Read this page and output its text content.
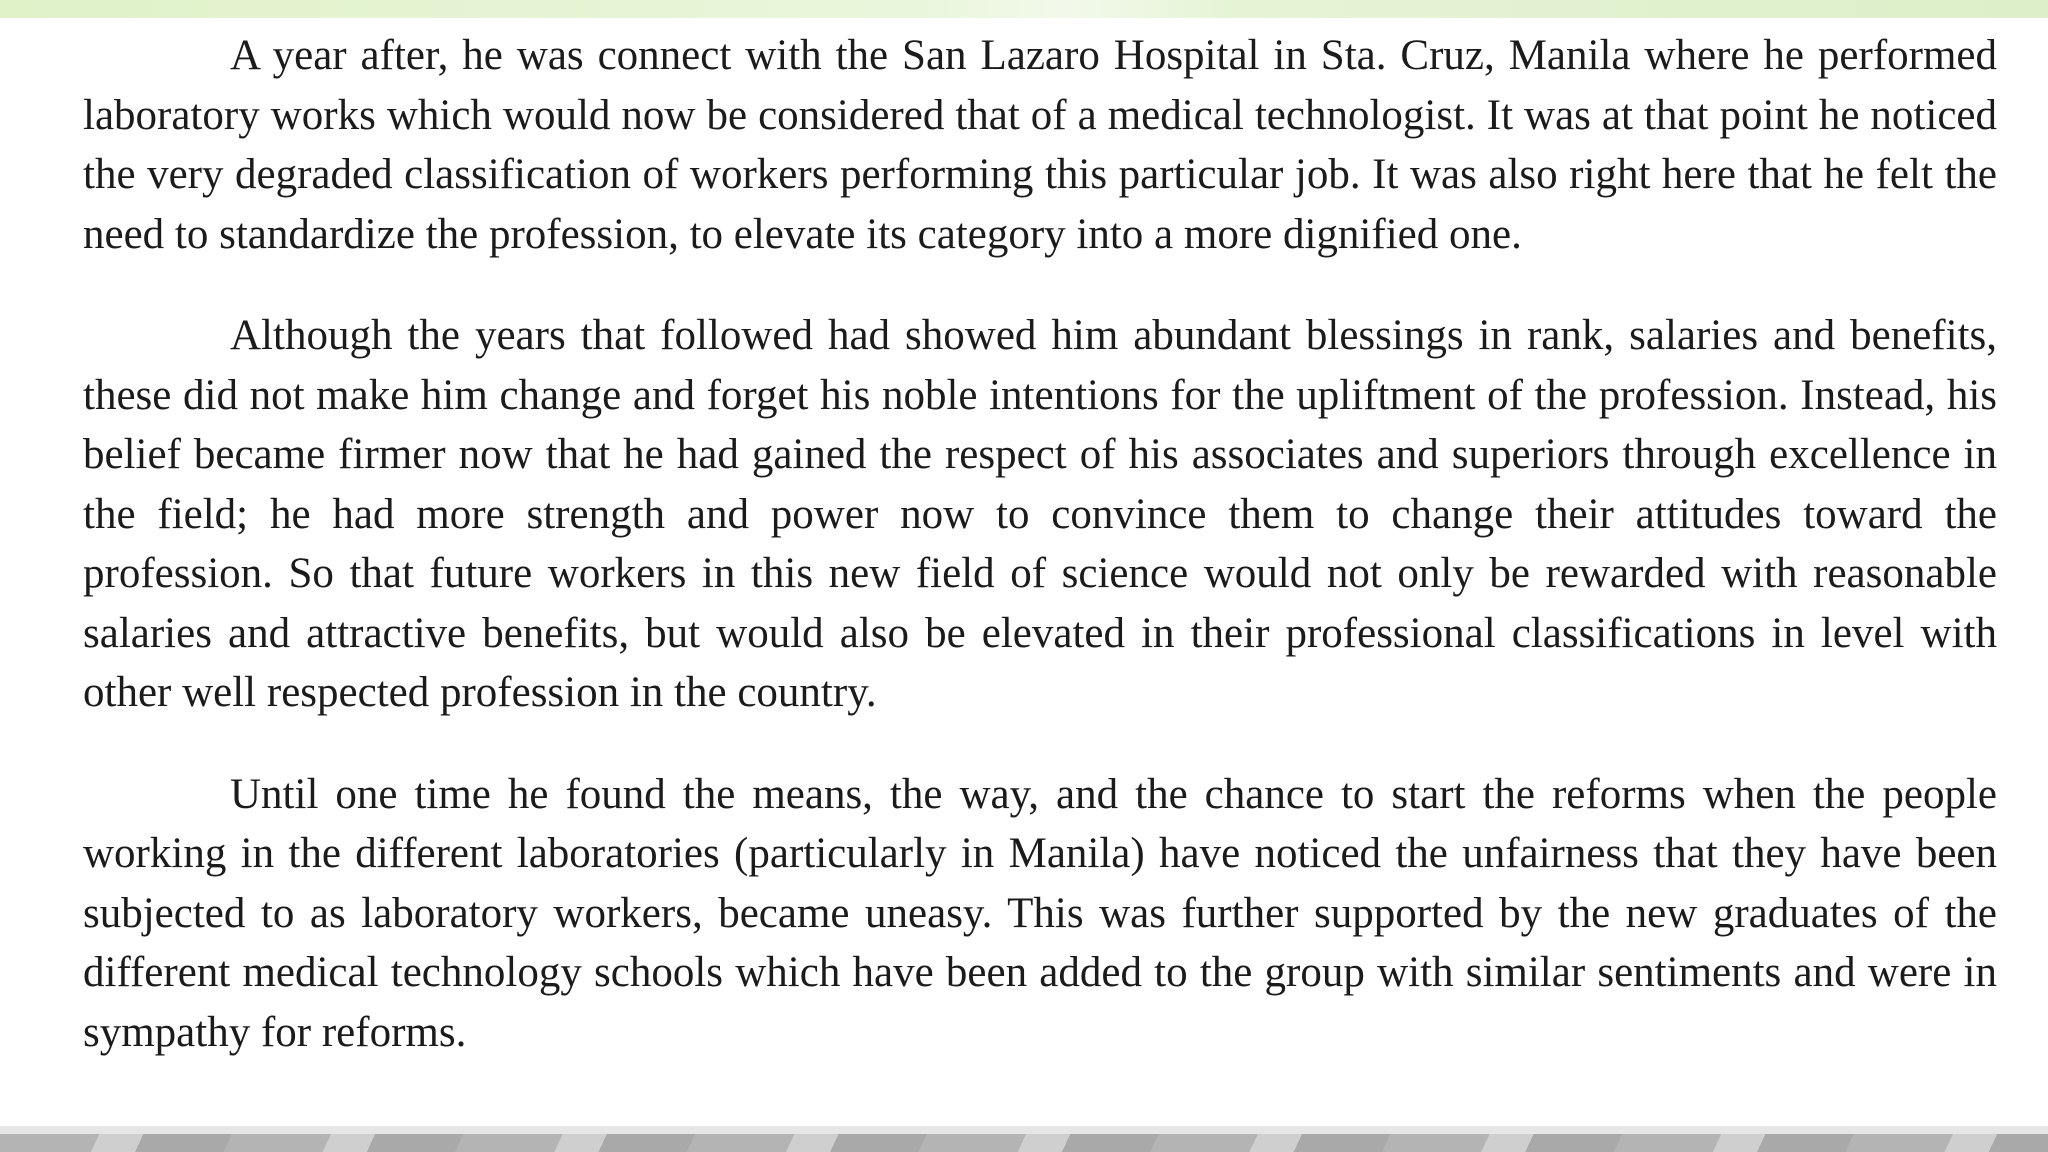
A year after, he was connect with the San Lazaro Hospital in Sta. Cruz, Manila where he performed laboratory works which would now be considered that of a medical technologist. It was at that point he noticed the very degraded classification of workers performing this particular job. It was also right here that he felt the need to standardize the profession, to elevate its category into a more dignified one.

Although the years that followed had showed him abundant blessings in rank, salaries and benefits, these did not make him change and forget his noble intentions for the upliftment of the profession. Instead, his belief became firmer now that he had gained the respect of his associates and superiors through excellence in the field; he had more strength and power now to convince them to change their attitudes toward the profession. So that future workers in this new field of science would not only be rewarded with reasonable salaries and attractive benefits, but would also be elevated in their professional classifications in level with other well respected profession in the country.

Until one time he found the means, the way, and the chance to start the reforms when the people working in the different laboratories (particularly in Manila) have noticed the unfairness that they have been subjected to as laboratory workers, became uneasy. This was further supported by the new graduates of the different medical technology schools which have been added to the group with similar sentiments and were in sympathy for reforms.
